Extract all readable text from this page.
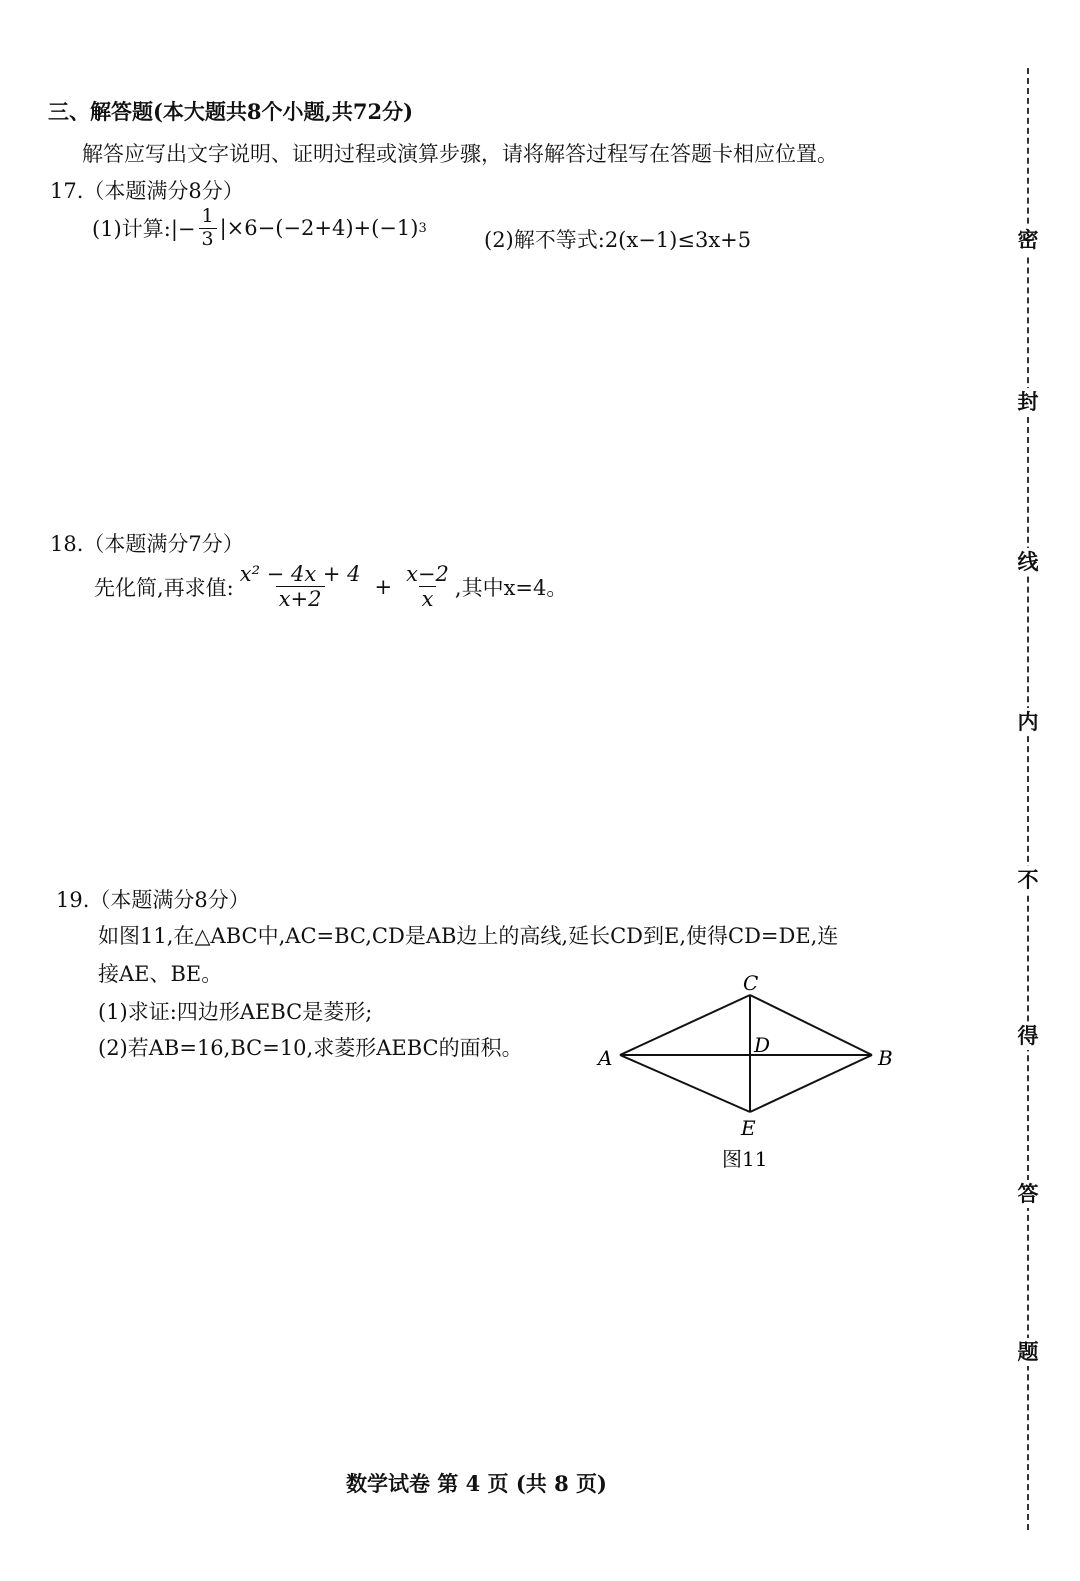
三、解答题(本大题共8个小题,共72分)
解答应写出文字说明、证明过程或演算步骤，请将解答过程写在答题卡相应位置。
17.（本题满分8分）
(1)计算:|− $\frac{1}{3} |\times 6-(-2+4)+(-1)$ 3	(2)解不等式:2(x−1)≤3x+5
18.（本题满分7分）
先化简,再求值: $\frac{\text{x² − 4x + 4}}{x+2} + \frac{x-2}{x}$ ,其中x=4。
19.（本题满分8分）
如图11,在△ABC中,AC=BC,CD是AB边上的高线,延长CD到E,使得CD=DE,连
接AE、BE。
(1)求证:四边形AEBC是菱形;
(2)若AB=16,BC=10,求菱形AEBC的面积。
C
A
D
B
E
图11
密
封
线
内
不
得
答
题
数学试卷 第 4 页 (共 8 页)
